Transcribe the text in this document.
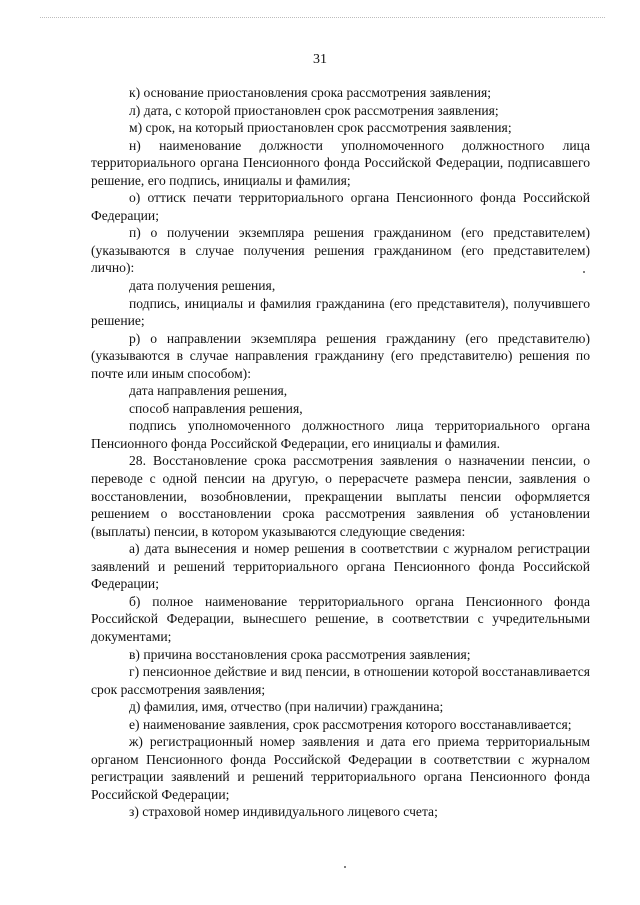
31

к) основание приостановления срока рассмотрения заявления;

л) дата, с которой приостановлен срок рассмотрения заявления;

м) срок, на который приостановлен срок рассмотрения заявления;

н) наименование должности уполномоченного должностного лица территориального органа Пенсионного фонда Российской Федерации, подписавшего решение, его подпись, инициалы и фамилия;

о) оттиск печати территориального органа Пенсионного фонда Российской Федерации;

п) о получении экземпляра решения гражданином (его представителем) (указываются в случае получения решения гражданином (его представителем) лично):

дата получения решения,

подпись, инициалы и фамилия гражданина (его представителя), получившего решение;

р) о направлении экземпляра решения гражданину (его представителю) (указываются в случае направления гражданину (его представителю) решения по почте или иным способом):

дата направления решения,

способ направления решения,

подпись уполномоченного должностного лица территориального органа Пенсионного фонда Российской Федерации, его инициалы и фамилия.

28. Восстановление срока рассмотрения заявления о назначении пенсии, о переводе с одной пенсии на другую, о перерасчете размера пенсии, заявления о восстановлении, возобновлении, прекращении выплаты пенсии оформляется решением о восстановлении срока рассмотрения заявления об установлении (выплаты) пенсии, в котором указываются следующие сведения:

а) дата вынесения и номер решения в соответствии с журналом регистрации заявлений и решений территориального органа Пенсионного фонда Российской Федерации;

б) полное наименование территориального органа Пенсионного фонда Российской Федерации, вынесшего решение, в соответствии с учредительными документами;

в) причина восстановления срока рассмотрения заявления;

г) пенсионное действие и вид пенсии, в отношении которой восстанавливается срок рассмотрения заявления;

д) фамилия, имя, отчество (при наличии) гражданина;

е) наименование заявления, срок рассмотрения которого восстанавливается;

ж) регистрационный номер заявления и дата его приема территориальным органом Пенсионного фонда Российской Федерации в соответствии с журналом регистрации заявлений и решений территориального органа Пенсионного фонда Российской Федерации;

з) страховой номер индивидуального лицевого счета;
